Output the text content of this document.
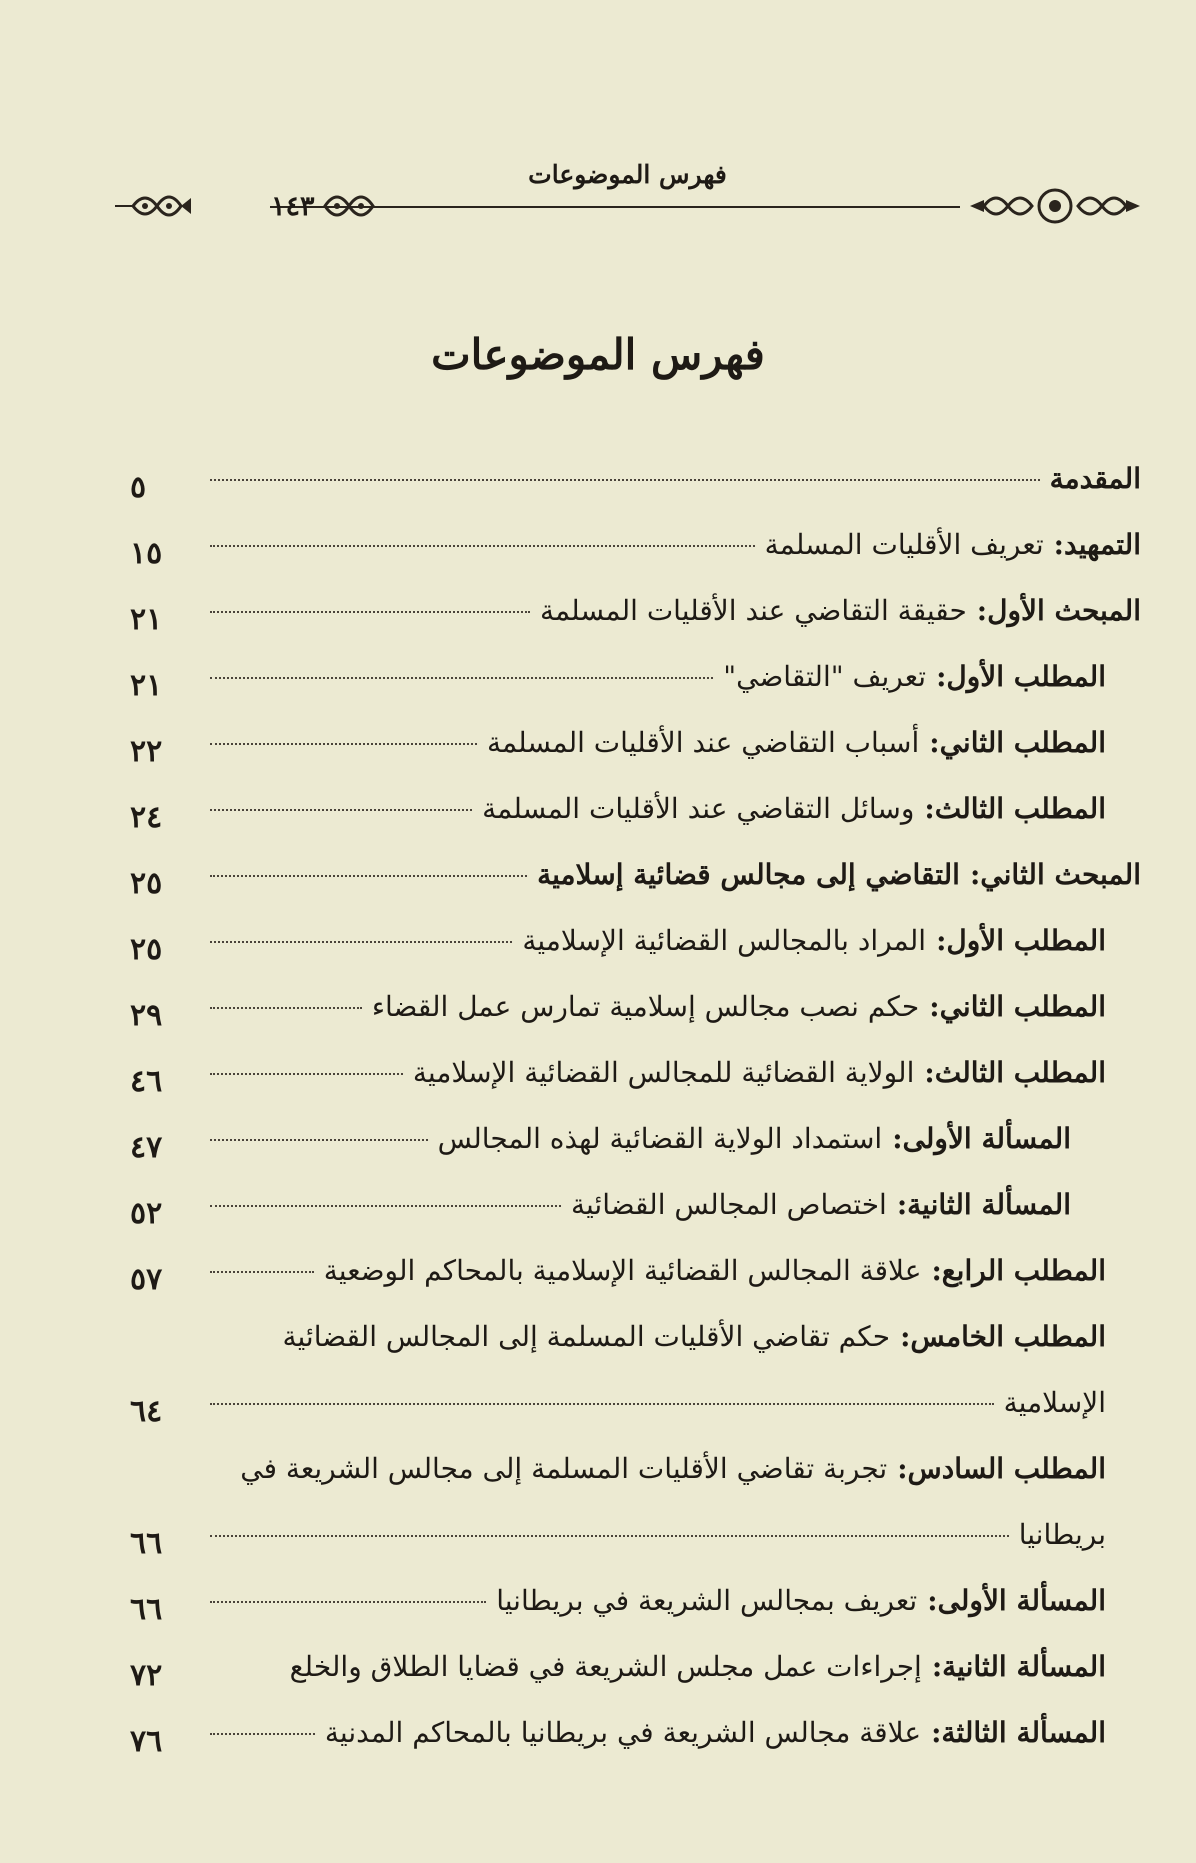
فهرس الموضوعات
١٤٣
فهرس الموضوعات
المقدمة
٥
التمهيد:
تعريف الأقليات المسلمة
١٥
المبحث الأول:
حقيقة التقاضي عند الأقليات المسلمة
٢١
المطلب الأول:
تعريف "التقاضي"
٢١
المطلب الثاني:
أسباب التقاضي عند الأقليات المسلمة
٢٢
المطلب الثالث:
وسائل التقاضي عند الأقليات المسلمة
٢٤
المبحث الثاني:
التقاضي إلى مجالس قضائية إسلامية
٢٥
المطلب الأول:
المراد بالمجالس القضائية الإسلامية
٢٥
المطلب الثاني:
حكم نصب مجالس إسلامية تمارس عمل القضاء
٢٩
المطلب الثالث:
الولاية القضائية للمجالس القضائية الإسلامية
٤٦
المسألة الأولى:
استمداد الولاية القضائية لهذه المجالس
٤٧
المسألة الثانية:
اختصاص المجالس القضائية
٥٢
المطلب الرابع:
علاقة المجالس القضائية الإسلامية بالمحاكم الوضعية
٥٧
المطلب الخامس:
حكم تقاضي الأقليات المسلمة إلى المجالس القضائية
الإسلامية
٦٤
المطلب السادس:
تجربة تقاضي الأقليات المسلمة إلى مجالس الشريعة في
بريطانيا
٦٦
المسألة الأولى:
تعريف بمجالس الشريعة في بريطانيا
٦٦
المسألة الثانية:
إجراءات عمل مجلس الشريعة في قضايا الطلاق والخلع
٧٢
المسألة الثالثة:
علاقة مجالس الشريعة في بريطانيا بالمحاكم المدنية
٧٦
